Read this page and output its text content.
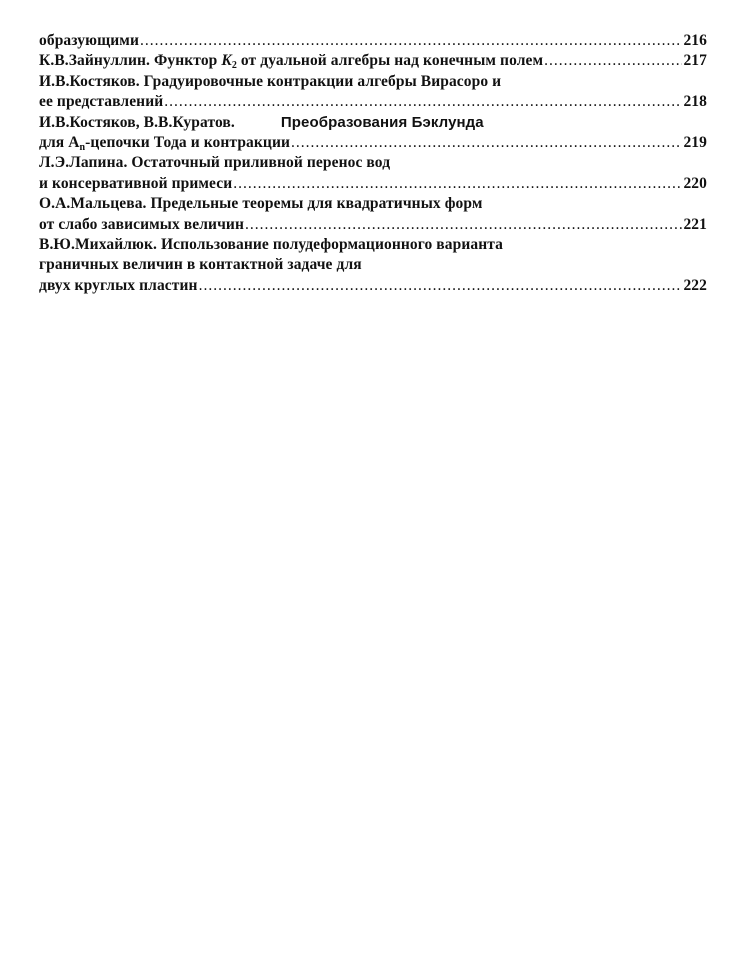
образующими .....	216
К.В.Зайнуллин. Функтор $K_2$ от дуальной алгебры над конечным полем .....	217
И.В.Костяков. Градуировочные контракции алгебры Вирасоро и
ее представлений .....	218
И.В.Костяков, В.В.Куратов.	Преобразования Бэклунда
для $A_n$-цепочки Тода и контракции .....	219
Л.Э.Лапина. Остаточный приливной перенос вод
и консервативной примеси .....	220
О.А.Мальцева. Предельные теоремы для квадратичных форм
от слабо зависимых величин .....	221
В.Ю.Михайлюк. Использование полудеформационного варианта
граничных величин в контактной задаче для
двух круглых пластин .....	222
